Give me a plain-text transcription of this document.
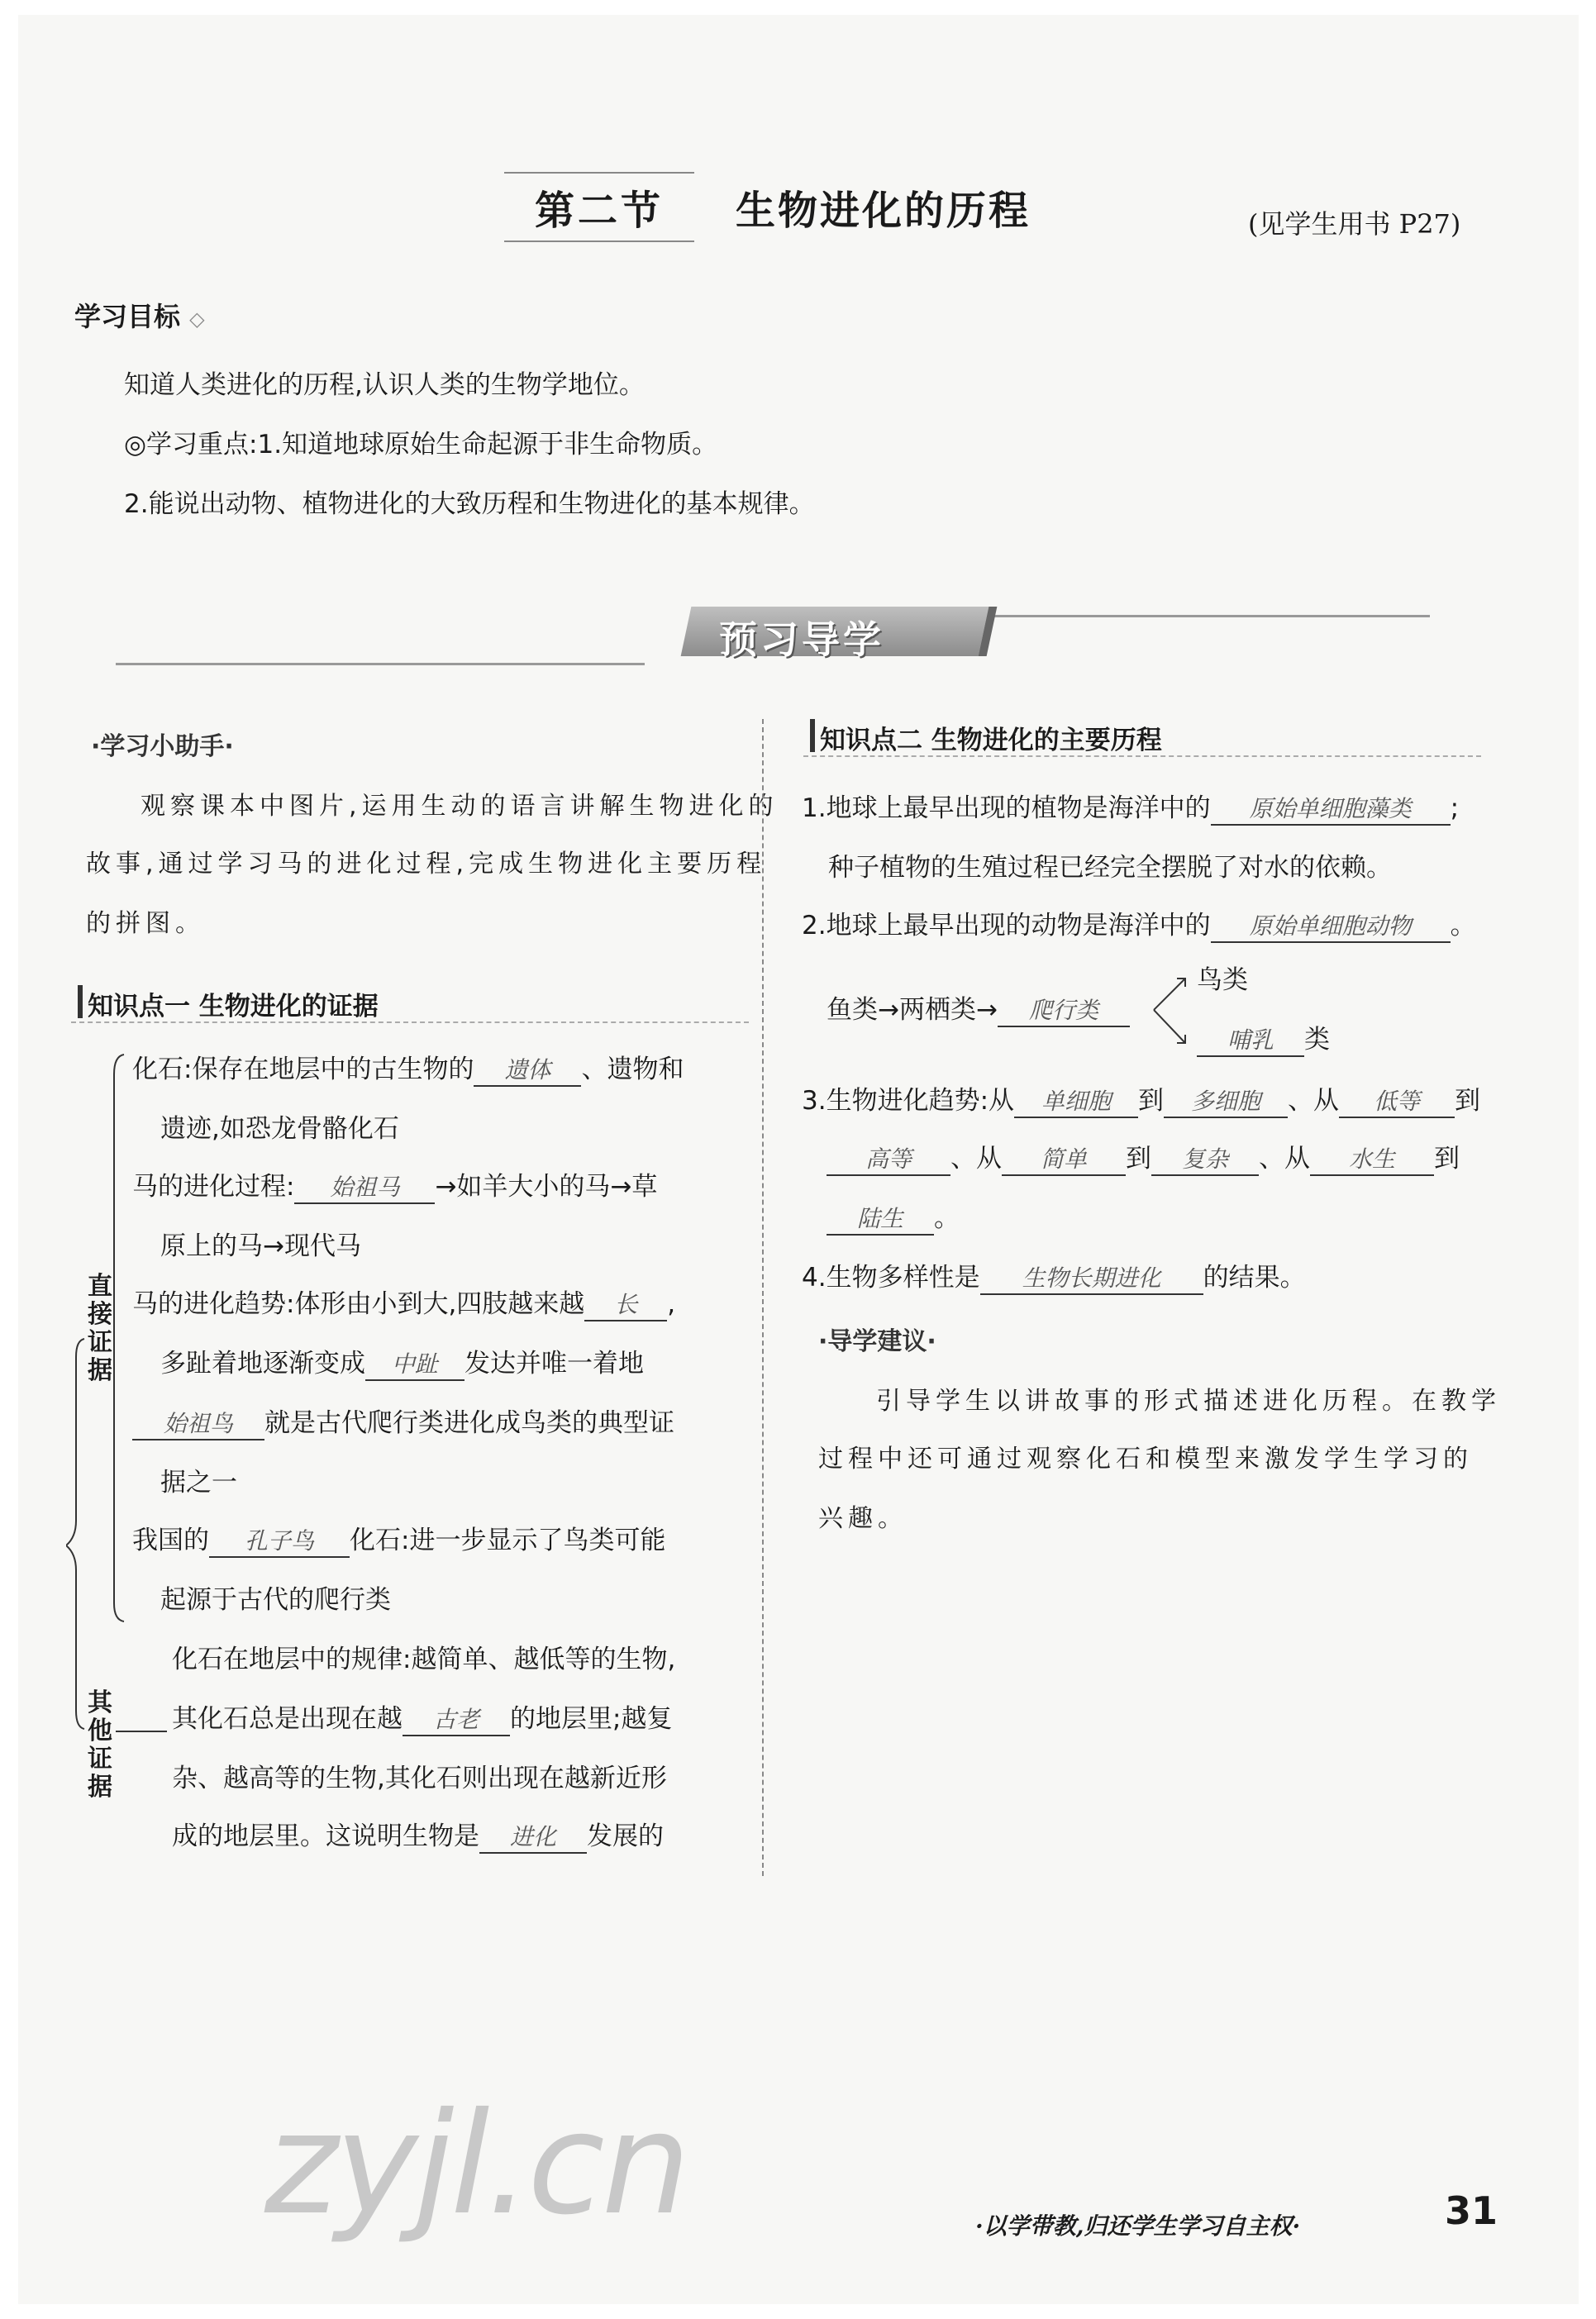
第二节	生物进化的历程	(见学生用书 P27)
学习目标 ◇
知道人类进化的历程,认识人类的生物学地位。
◎学习重点:1.知道地球原始生命起源于非生命物质。
2.能说出动物、植物进化的大致历程和生物进化的基本规律。
预习导学
·学习小助手·
观察课本中图片,运用生动的语言讲解生物进化的
故事,通过学习马的进化过程,完成生物进化主要历程
的拼图。
知识点一 生物进化的证据
直接证据
其他证据
化石:保存在地层中的古生物的 遗体 、遗物和
遗迹,如恐龙骨骼化石
马的进化过程: 始祖马 →如羊大小的马→草
原上的马→现代马
马的进化趋势:体形由小到大,四肢越来越 长 ,
多趾着地逐渐变成 中趾 发达并唯一着地
始祖鸟 就是古代爬行类进化成鸟类的典型证
据之一
我国的 孔子鸟 化石:进一步显示了鸟类可能
起源于古代的爬行类
化石在地层中的规律:越简单、越低等的生物,
其化石总是出现在越 古老 的地层里;越复
杂、越高等的生物,其化石则出现在越新近形
成的地层里。这说明生物是 进化 发展的
知识点二 生物进化的主要历程
1.地球上最早出现的植物是海洋中的 原始单细胞藻类 ;
种子植物的生殖过程已经完全摆脱了对水的依赖。
2.地球上最早出现的动物是海洋中的 原始单细胞动物 。
鱼类→两栖类→ 爬行类
鸟类
哺乳 类
3.生物进化趋势:从 单细胞 到 多细胞 、从 低等 到
高等 、从 简单 到 复杂 、从 水生 到
陆生 。
4.生物多样性是 生物长期进化 的结果。
·导学建议·
引导学生以讲故事的形式描述进化历程。在教学
过程中还可通过观察化石和模型来激发学生学习的
兴趣。
zyjl.cn	·以学带教,归还学生学习自主权·	31
